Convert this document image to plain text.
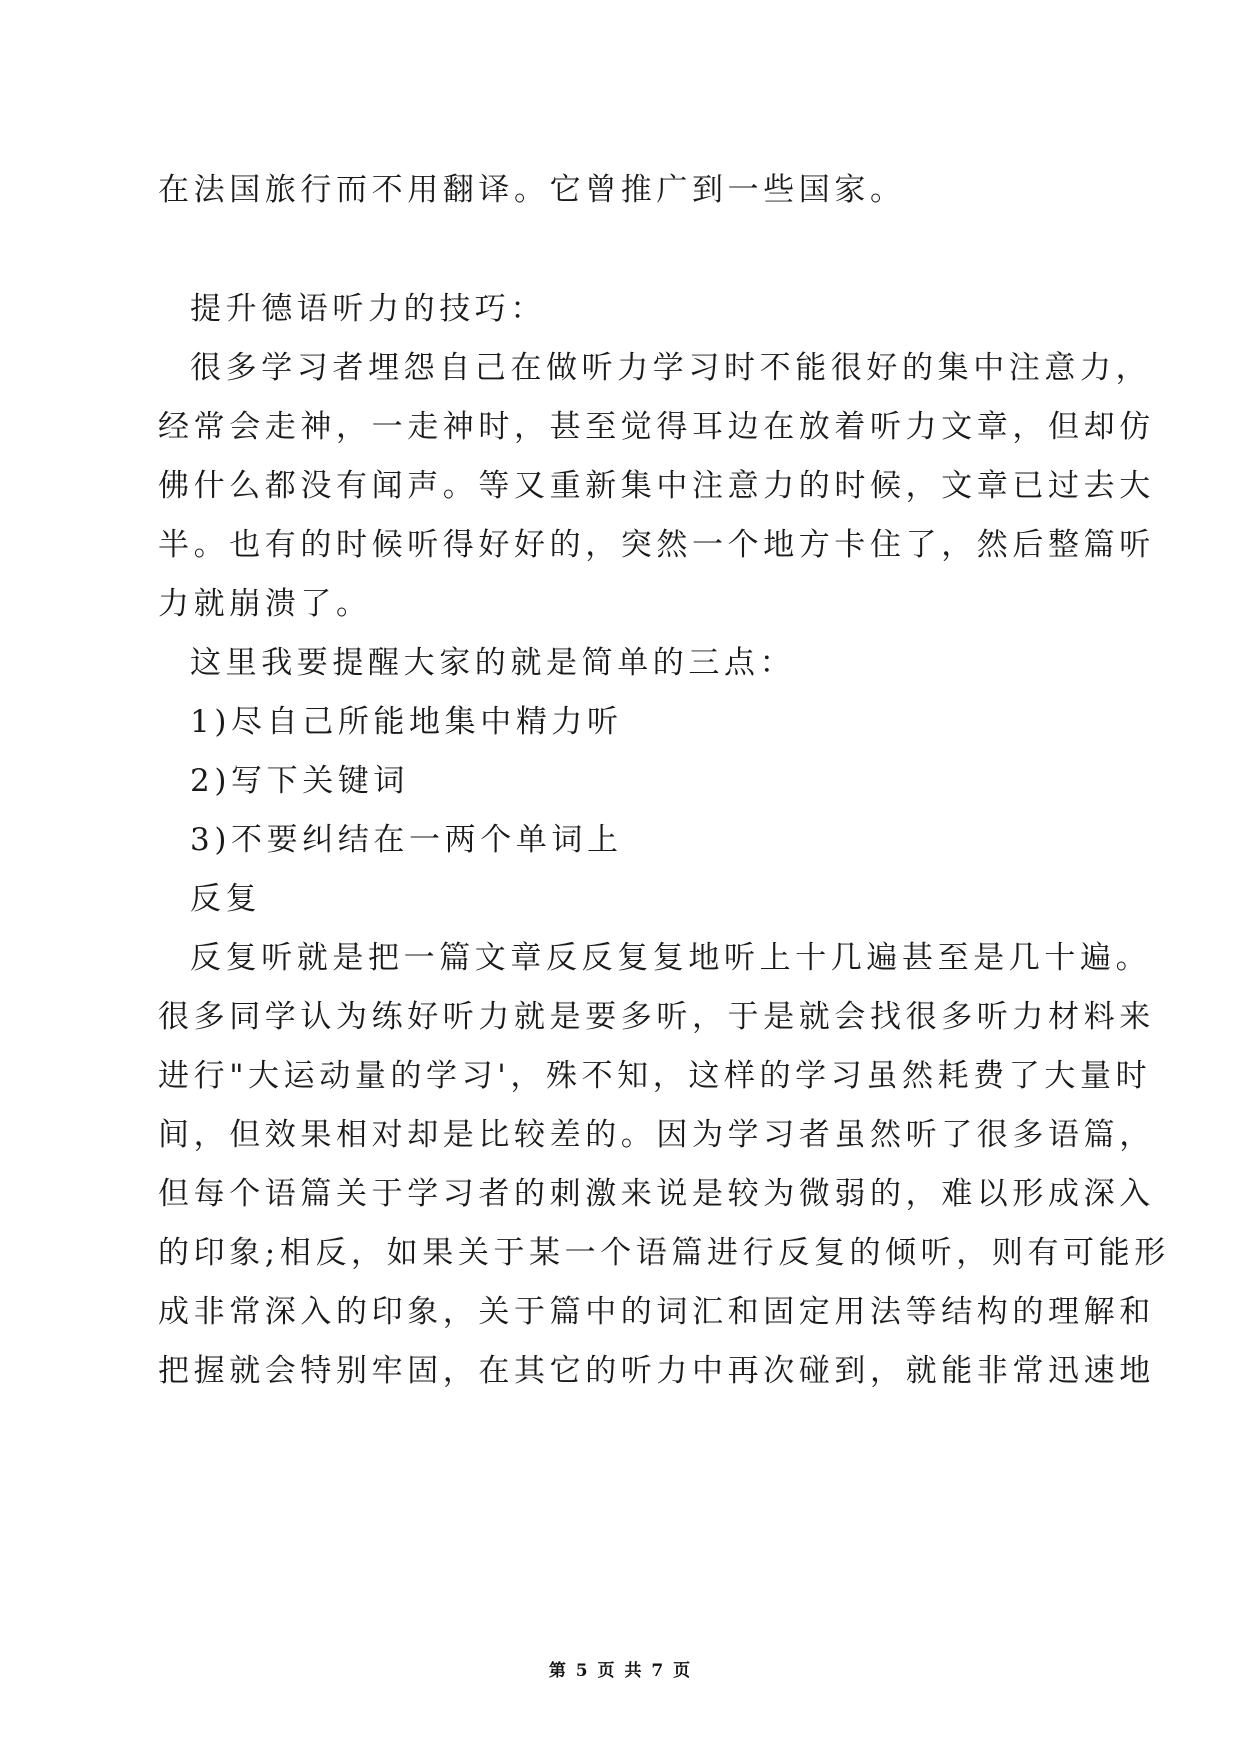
在法国旅行而不用翻译。它曾推广到一些国家。
提升德语听力的技巧：
很多学习者埋怨自己在做听力学习时不能很好的集中注意力，
经常会走神，一走神时，甚至觉得耳边在放着听力文章，但却仿
佛什么都没有闻声。等又重新集中注意力的时候，文章已过去大
半。也有的时候听得好好的，突然一个地方卡住了，然后整篇听
力就崩溃了。
这里我要提醒大家的就是简单的三点：
1)尽自己所能地集中精力听
2)写下关键词
3)不要纠结在一两个单词上
反复
反复听就是把一篇文章反反复复地听上十几遍甚至是几十遍。
很多同学认为练好听力就是要多听，于是就会找很多听力材料来
进行"大运动量的学习'，殊不知，这样的学习虽然耗费了大量时
间，但效果相对却是比较差的。因为学习者虽然听了很多语篇，
但每个语篇关于学习者的刺激来说是较为微弱的，难以形成深入
的印象;相反，如果关于某一个语篇进行反复的倾听，则有可能形
成非常深入的印象，关于篇中的词汇和固定用法等结构的理解和
把握就会特别牢固，在其它的听力中再次碰到，就能非常迅速地
第 5 页 共 7 页
